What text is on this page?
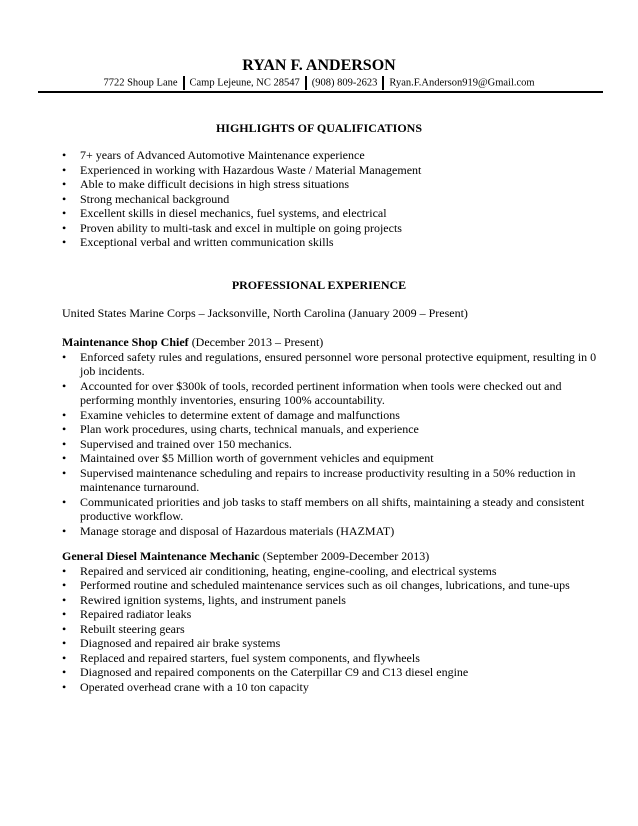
RYAN F. ANDERSON
7722 Shoup Lane Camp Lejeune, NC 28547 (908) 809-2623 Ryan.F.Anderson919@Gmail.com
HIGHLIGHTS OF QUALIFICATIONS
• 7+ years of Advanced Automotive Maintenance experience
• Experienced in working with Hazardous Waste / Material Management
• Able to make difficult decisions in high stress situations
• Strong mechanical background
• Excellent skills in diesel mechanics, fuel systems, and electrical
• Proven ability to multi-task and excel in multiple on going projects
• Exceptional verbal and written communication skills
PROFESSIONAL EXPERIENCE
United States Marine Corps – Jacksonville, North Carolina (January 2009 – Present)

Maintenance Shop Chief (December 2013 – Present)

• Enforced safety rules and regulations, ensured personnel wore personal protective equipment, resulting in 0 job incidents.
• Accounted for over $300k of tools, recorded pertinent information when tools were checked out and performing monthly inventories, ensuring 100% accountability.
• Examine vehicles to determine extent of damage and malfunctions
• Plan work procedures, using charts, technical manuals, and experience
• Supervised and trained over 150 mechanics.
• Maintained over $5 Million worth of government vehicles and equipment
• Supervised maintenance scheduling and repairs to increase productivity resulting in a 50% reduction in maintenance turnaround.
• Communicated priorities and job tasks to staff members on all shifts, maintaining a steady and consistent productive workflow.
• Manage storage and disposal of Hazardous materials (HAZMAT)

General Diesel Maintenance Mechanic (September 2009-December 2013)

• Repaired and serviced air conditioning, heating, engine-cooling, and electrical systems
• Performed routine and scheduled maintenance services such as oil changes, lubrications, and tune-ups
• Rewired ignition systems, lights, and instrument panels
• Repaired radiator leaks
• Rebuilt steering gears
• Diagnosed and repaired air brake systems
• Replaced and repaired starters, fuel system components, and flywheels
• Diagnosed and repaired components on the Caterpillar C9 and C13 diesel engine
• Operated overhead crane with a 10 ton capacity
